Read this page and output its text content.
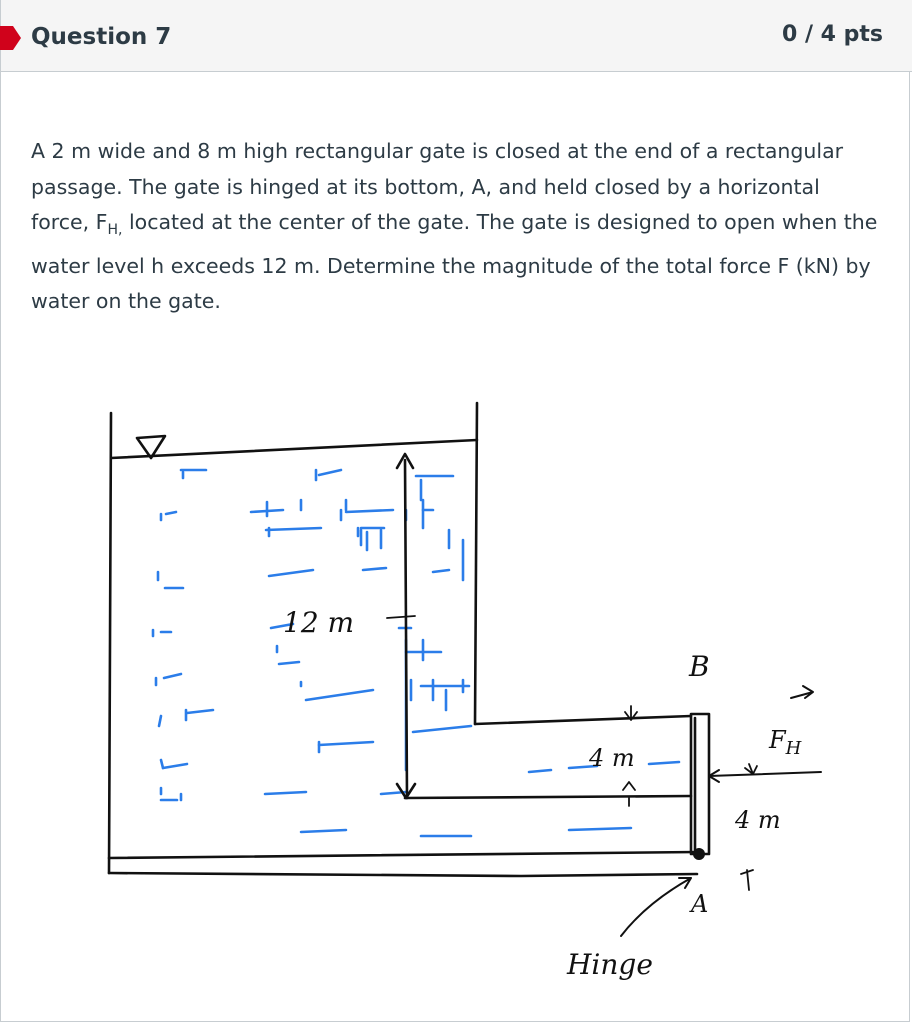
Question 7	0 / 4 pts
A 2 m wide and 8 m high rectangular gate is closed at the end of a rectangular passage. The gate is hinged at its bottom, A, and held closed by a horizontal force, $F_{H,}$ located at the center of the gate. The gate is designed to open when the water level h exceeds 12 m. Determine the magnitude of the total force F (kN) by water on the gate.
12 m
4 m
$F_H$
4 m
B
A
Hinge
